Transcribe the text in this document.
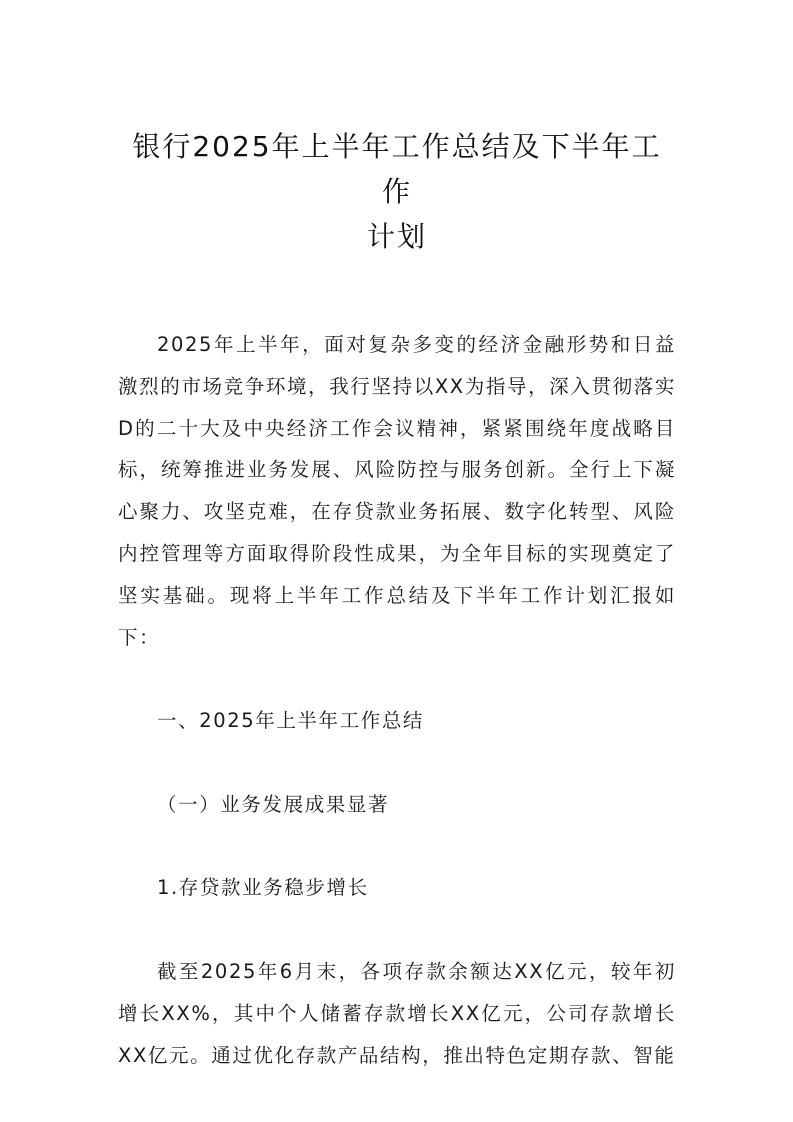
银行2025年上半年工作总结及下半年工作
计划

2025年上半年，面对复杂多变的经济金融形势和日益激烈的市场竞争环境，我行坚持以XX为指导，深入贯彻落实D的二十大及中央经济工作会议精神，紧紧围绕年度战略目标，统筹推进业务发展、风险防控与服务创新。全行上下凝心聚力、攻坚克难，在存贷款业务拓展、数字化转型、风险内控管理等方面取得阶段性成果，为全年目标的实现奠定了坚实基础。现将上半年工作总结及下半年工作计划汇报如下：

一、2025年上半年工作总结

（一）业务发展成果显著

1.存贷款业务稳步增长

截至2025年6月末，各项存款余额达XX亿元，较年初增长XX%，其中个人储蓄存款增长XX亿元，公司存款增长XX亿元。通过优化存款产品结构，推出特色定期存款、智能
